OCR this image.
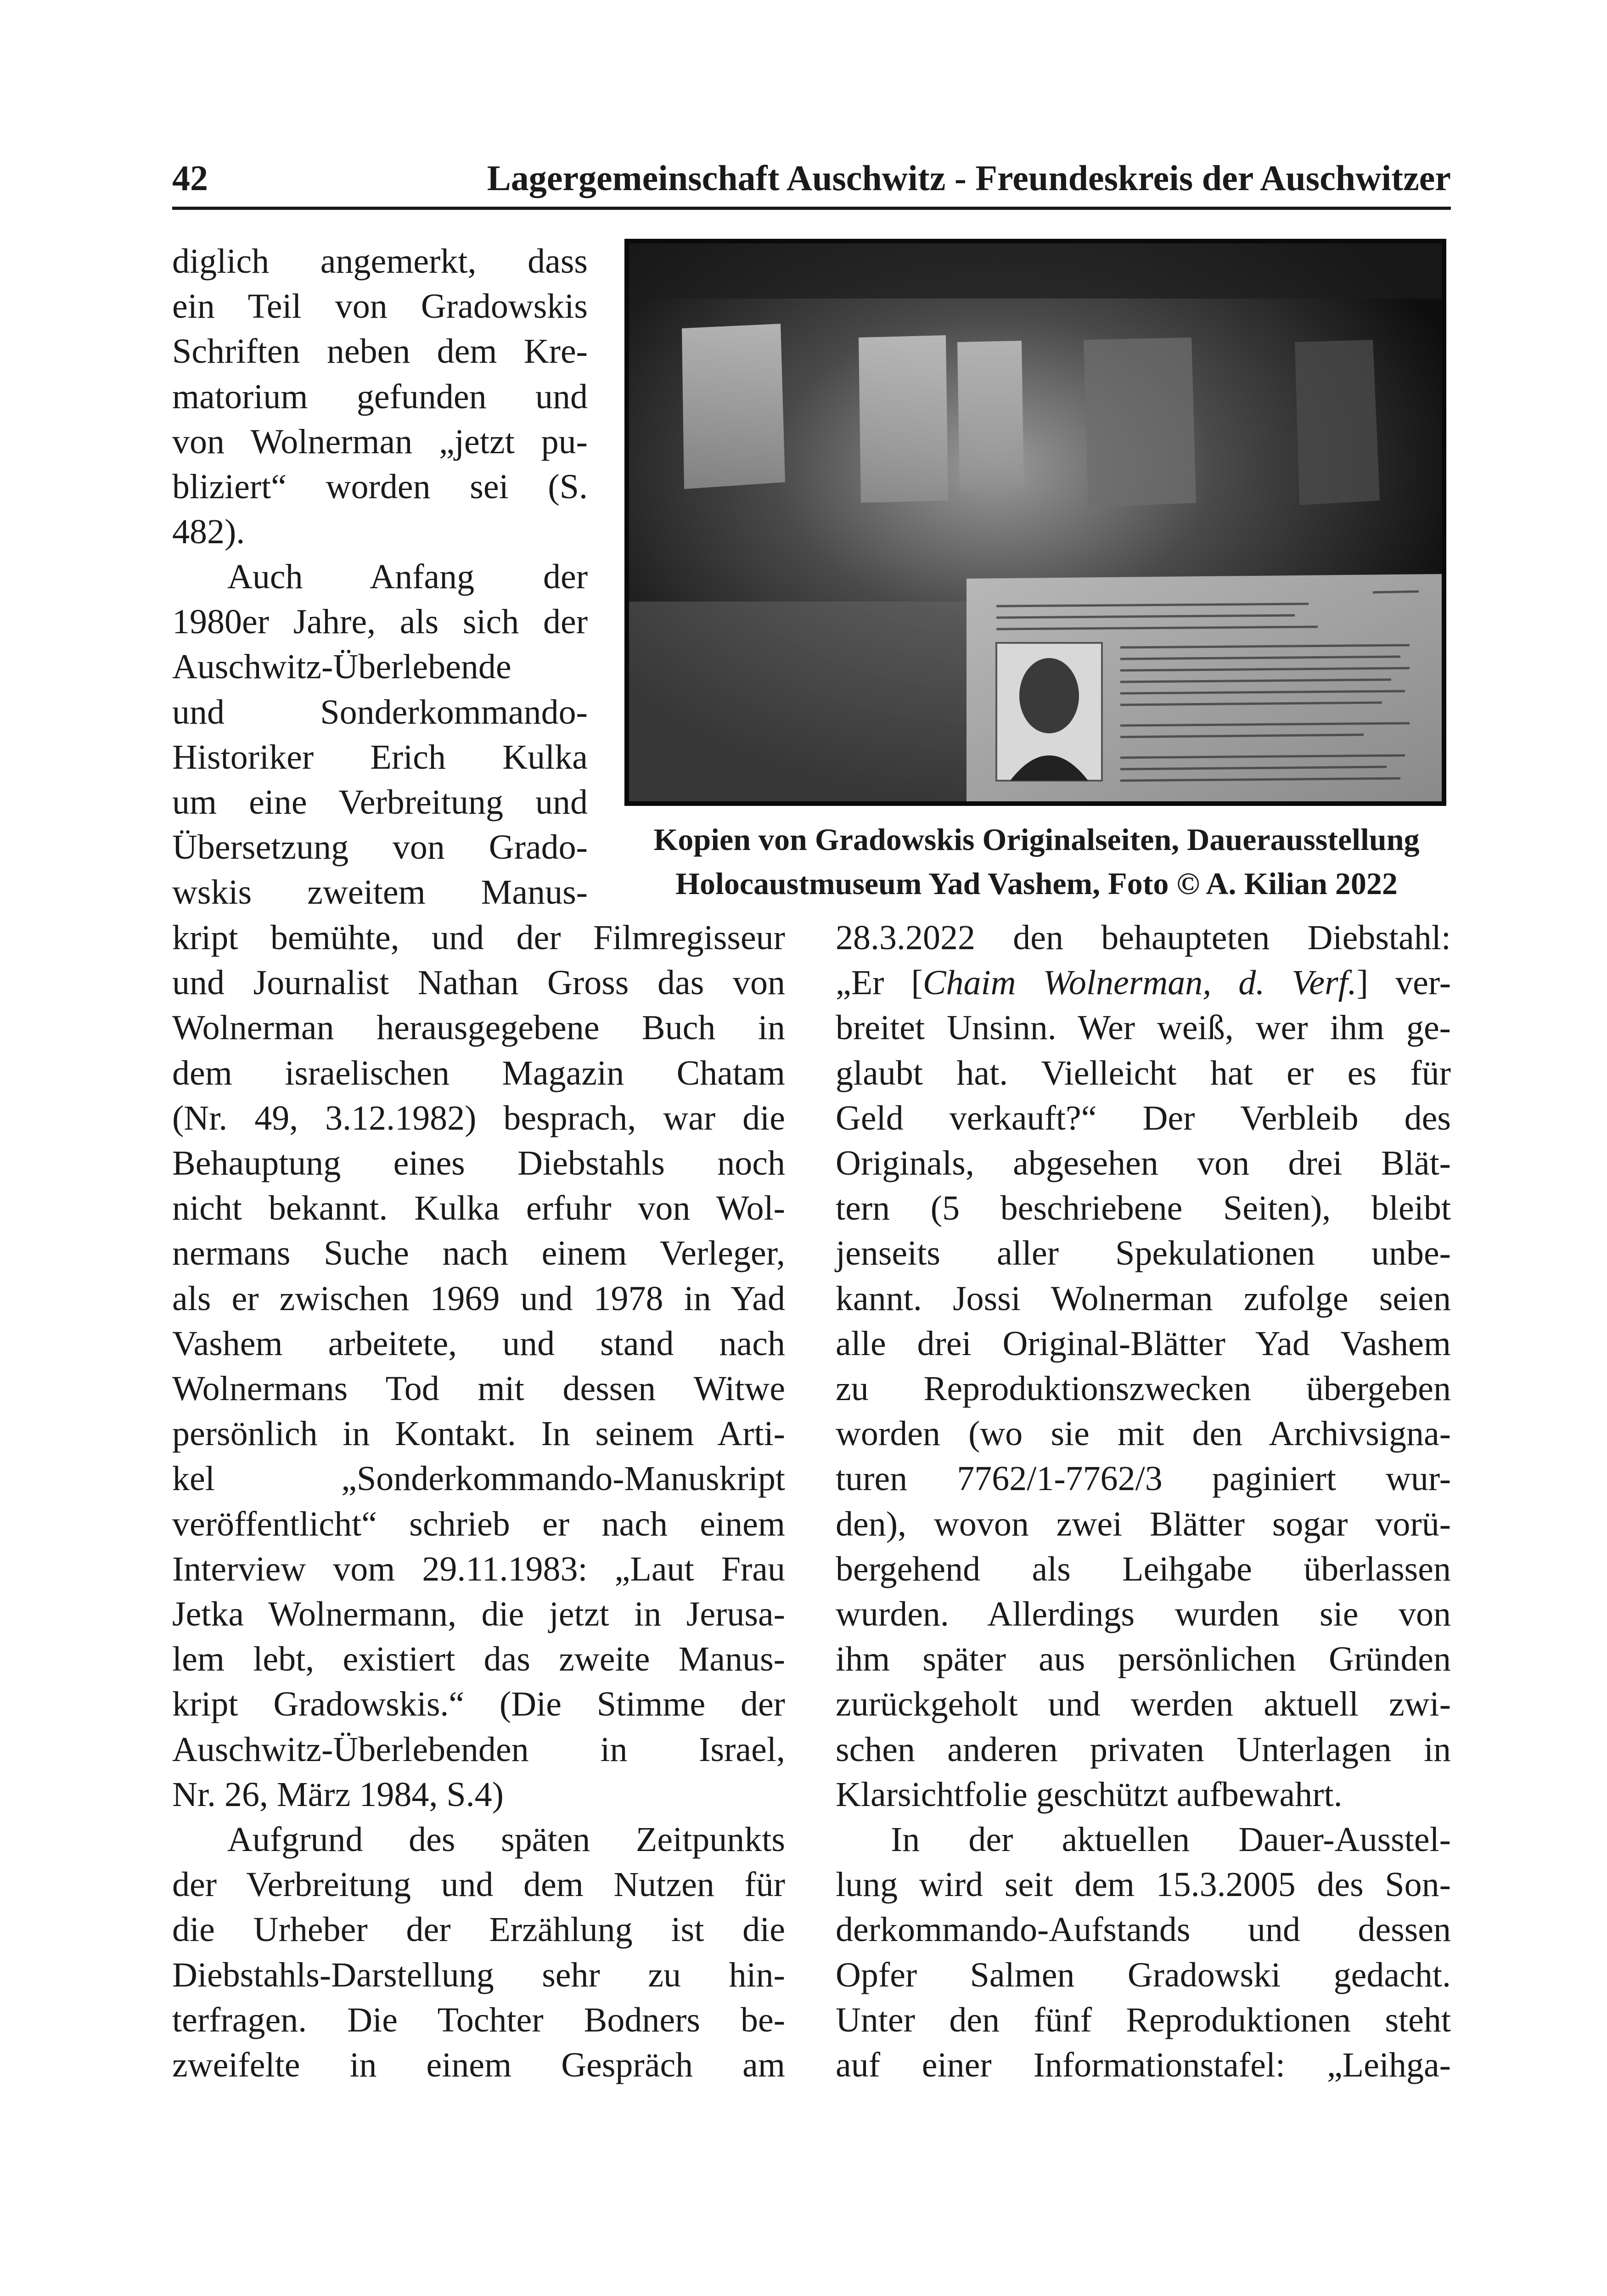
42	Lagergemeinschaft Auschwitz - Freundeskreis der Auschwitzer
Kopien von Gradowskis Originalseiten, Dauerausstellung
Holocaustmuseum Yad Vashem, Foto © A. Kilian 2022
diglich angemerkt, dass
ein Teil von Gradowskis
Schriften neben dem Kre-
matorium gefunden und
von Wolnerman „jetzt pu-
bliziert“ worden sei (S.
482).
Auch Anfang der
1980er Jahre, als sich der
Auschwitz-Überlebende
und Sonderkommando-
Historiker Erich Kulka
um eine Verbreitung und
Übersetzung von Grado-
wskis zweitem Manus-
kript bemühte, und der Filmregisseur
und Journalist Nathan Gross das von
Wolnerman herausgegebene Buch in
dem israelischen Magazin Chatam
(Nr. 49, 3.12.1982) besprach, war die
Behauptung eines Diebstahls noch
nicht bekannt. Kulka erfuhr von Wol-
nermans Suche nach einem Verleger,
als er zwischen 1969 und 1978 in Yad
Vashem arbeitete, und stand nach
Wolnermans Tod mit dessen Witwe
persönlich in Kontakt. In seinem Arti-
kel „Sonderkommando-Manuskript
veröffentlicht“ schrieb er nach einem
Interview vom 29.11.1983: „Laut Frau
Jetka Wolnermann, die jetzt in Jerusa-
lem lebt, existiert das zweite Manus-
kript Gradowskis.“ (Die Stimme der
Auschwitz-Überlebenden in Israel,
Nr. 26, März 1984, S.4)
Aufgrund des späten Zeitpunkts
der Verbreitung und dem Nutzen für
die Urheber der Erzählung ist die
Diebstahls-Darstellung sehr zu hin-
terfragen. Die Tochter Bodners be-
zweifelte in einem Gespräch am
28.3.2022 den behaupteten Diebstahl:
„Er [Chaim Wolnerman, d. Verf.] ver-
breitet Unsinn. Wer weiß, wer ihm ge-
glaubt hat. Vielleicht hat er es für
Geld verkauft?“ Der Verbleib des
Originals, abgesehen von drei Blät-
tern (5 beschriebene Seiten), bleibt
jenseits aller Spekulationen unbe-
kannt. Jossi Wolnerman zufolge seien
alle drei Original-Blätter Yad Vashem
zu Reproduktionszwecken übergeben
worden (wo sie mit den Archivsigna-
turen 7762/1-7762/3 paginiert wur-
den), wovon zwei Blätter sogar vorü-
bergehend als Leihgabe überlassen
wurden. Allerdings wurden sie von
ihm später aus persönlichen Gründen
zurückgeholt und werden aktuell zwi-
schen anderen privaten Unterlagen in
Klarsichtfolie geschützt aufbewahrt.
In der aktuellen Dauer-Ausstel-
lung wird seit dem 15.3.2005 des Son-
derkommando-Aufstands und dessen
Opfer Salmen Gradowski gedacht.
Unter den fünf Reproduktionen steht
auf einer Informationstafel: „Leihga-
